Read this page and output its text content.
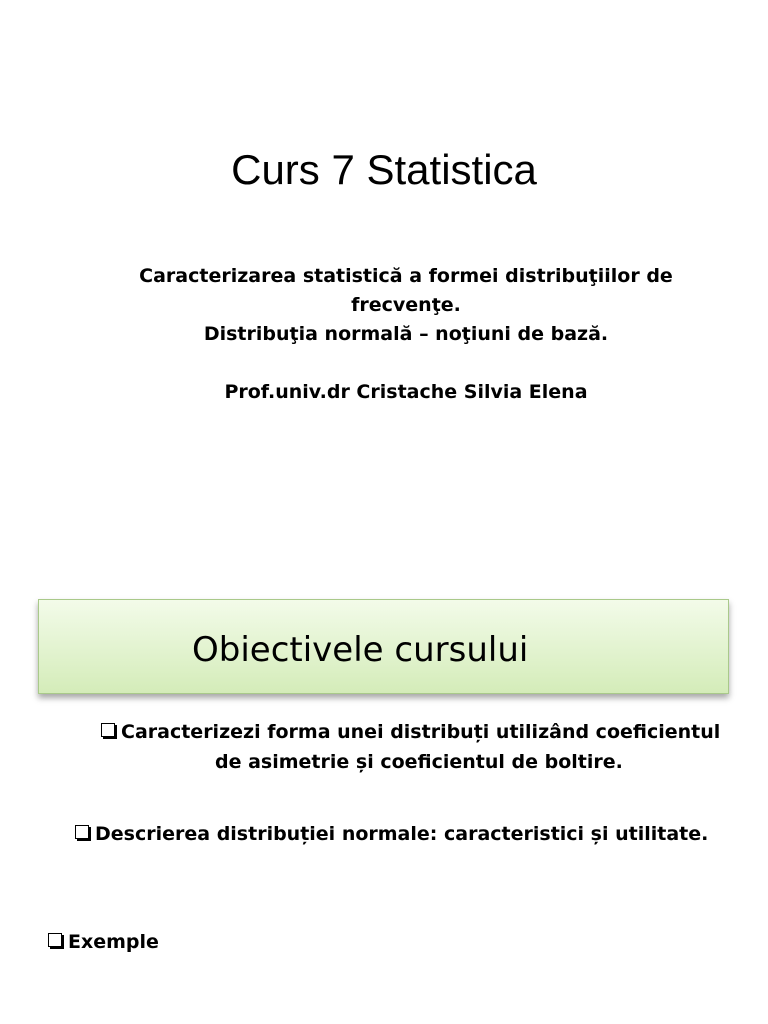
Curs 7 Statistica
Caracterizarea statistică a formei distribuţiilor de
frecvenţe.
Distribuţia normală – noţiuni de bază.
Prof.univ.dr Cristache Silvia Elena
Obiectivele cursului
Caracterizezi forma unei distribuți utilizând coeficientul
de asimetrie și coeficientul de boltire.
Descrierea distribuției normale: caracteristici și utilitate.
Exemple
